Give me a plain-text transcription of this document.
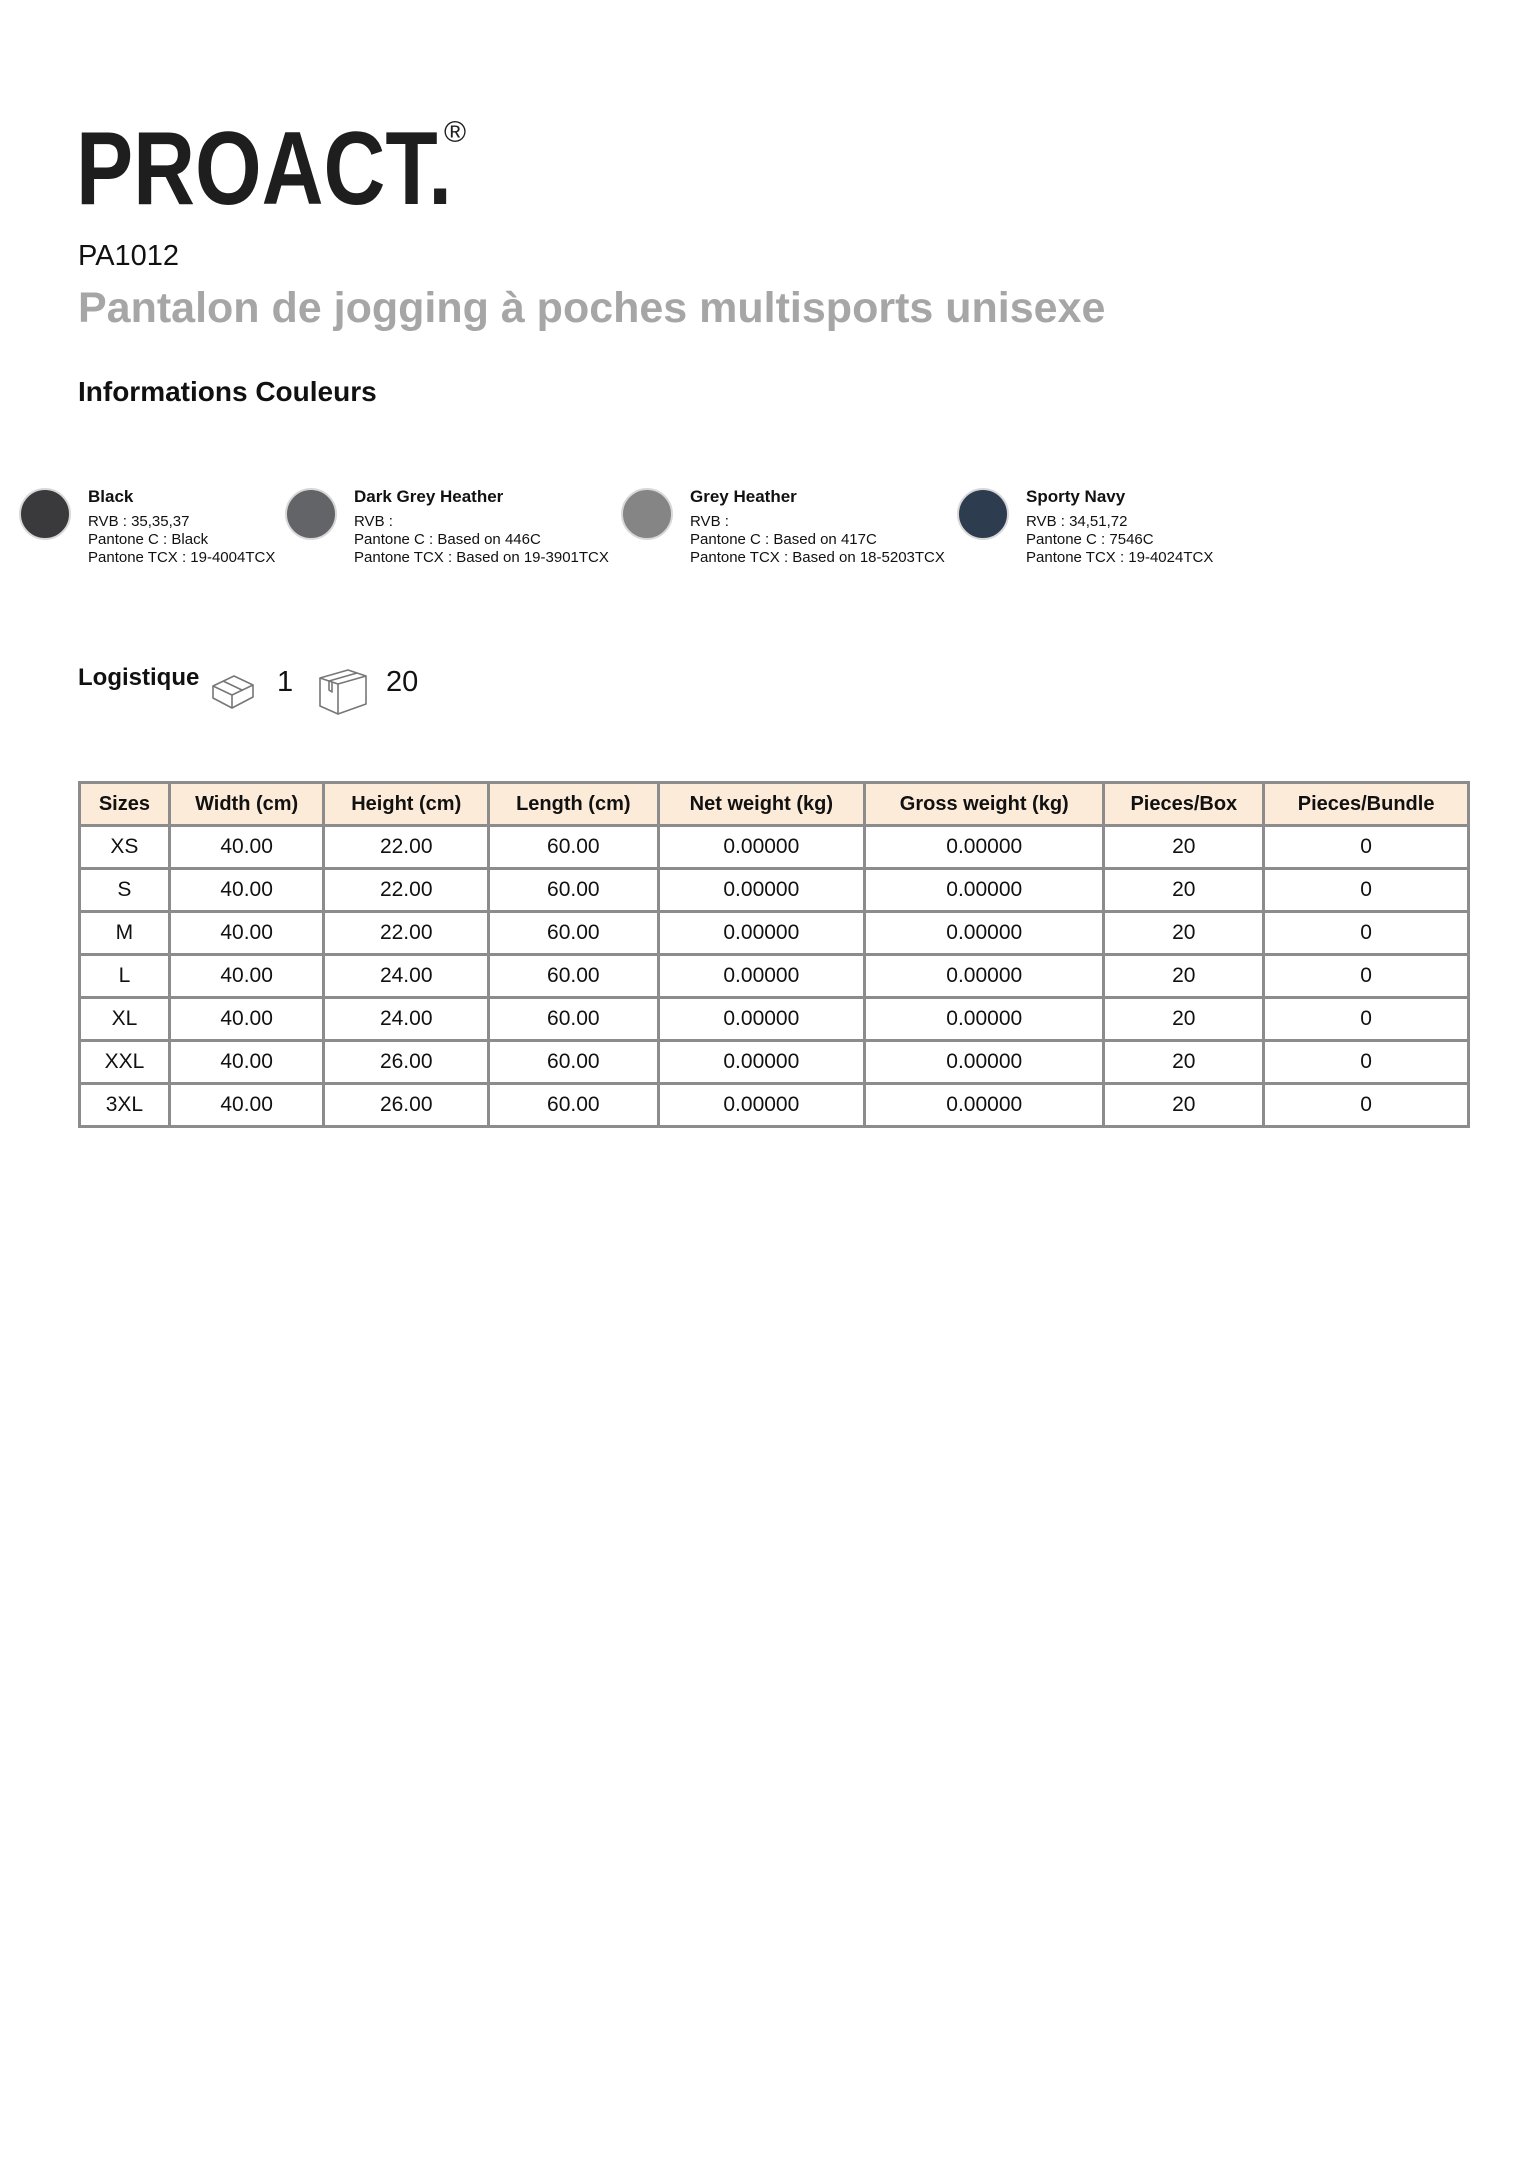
PROACT.
®
PA1012
Pantalon de jogging à poches multisports unisexe
Informations Couleurs
Black
RVB : 35,35,37
Pantone C : Black
Pantone TCX : 19-4004TCX
Dark Grey Heather
RVB :
Pantone C : Based on 446C
Pantone TCX : Based on 19-3901TCX
Grey Heather
RVB :
Pantone C : Based on 417C
Pantone TCX : Based on 18-5203TCX
Sporty Navy
RVB : 34,51,72
Pantone C : 7546C
Pantone TCX : 19-4024TCX
Logistique	1	20
Sizes	Width (cm)	Height (cm)	Length (cm)	Net weight (kg)	Gross weight (kg)	Pieces/Box	Pieces/Bundle
XS	40.00	22.00	60.00	0.00000	0.00000	20	0
S	40.00	22.00	60.00	0.00000	0.00000	20	0
M	40.00	22.00	60.00	0.00000	0.00000	20	0
L	40.00	24.00	60.00	0.00000	0.00000	20	0
XL	40.00	24.00	60.00	0.00000	0.00000	20	0
XXL	40.00	26.00	60.00	0.00000	0.00000	20	0
3XL	40.00	26.00	60.00	0.00000	0.00000	20	0
